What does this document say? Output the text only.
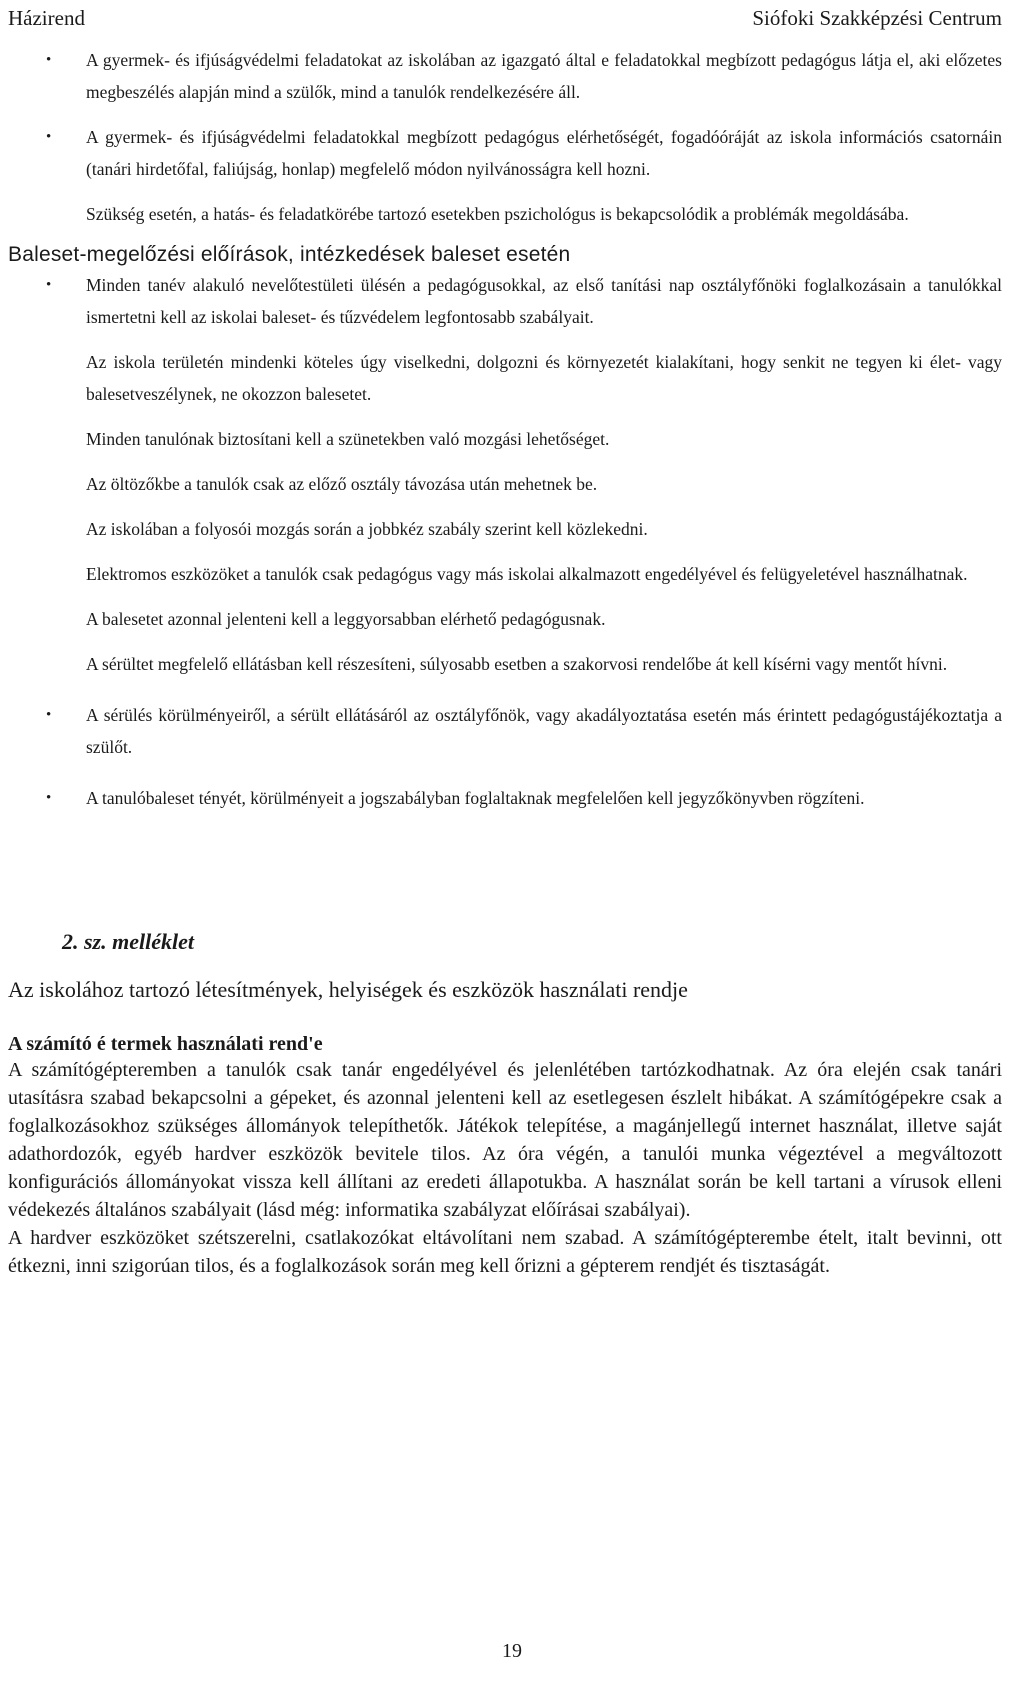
Házirend	Siófoki Szakképzési Centrum

• A gyermek- és ifjúságvédelmi feladatokat az iskolában az igazgató által e feladatokkal megbízott pedagógus látja el, aki előzetes megbeszélés alapján mind a szülők, mind a tanulók rendelkezésére áll.

• A gyermek- és ifjúságvédelmi feladatokkal megbízott pedagógus elérhetőségét, fogadóóráját az iskola információs csatornáin (tanári hirdetőfal, faliújság, honlap) megfelelő módon nyilvánosságra kell hozni.

Szükség esetén, a hatás- és feladatkörébe tartozó esetekben pszichológus is bekapcsolódik a problémák megoldásába.

Baleset-megelőzési előírások, intézkedések baleset esetén

• Minden tanév alakuló nevelőtestületi ülésén a pedagógusokkal, az első tanítási nap osztályfőnöki foglalkozásain a tanulókkal ismertetni kell az iskolai baleset- és tűzvédelem legfontosabb szabályait.

Az iskola területén mindenki köteles úgy viselkedni, dolgozni és környezetét kialakítani, hogy senkit ne tegyen ki élet- vagy balesetveszélynek, ne okozzon balesetet.

Minden tanulónak biztosítani kell a szünetekben való mozgási lehetőséget.

Az öltözőkbe a tanulók csak az előző osztály távozása után mehetnek be.

Az iskolában a folyosói mozgás során a jobbkéz szabály szerint kell közlekedni.

Elektromos eszközöket a tanulók csak pedagógus vagy más iskolai alkalmazott engedélyével és felügyeletével használhatnak.

A balesetet azonnal jelenteni kell a leggyorsabban elérhető pedagógusnak.

A sérültet megfelelő ellátásban kell részesíteni, súlyosabb esetben a szakorvosi rendelőbe át kell kísérni vagy mentőt hívni.

• A sérülés körülményeiről, a sérült ellátásáról az osztályfőnök, vagy akadályoztatása esetén más érintett pedagógustájékoztatja a szülőt.

• A tanulóbaleset tényét, körülményeit a jogszabályban foglaltaknak megfelelően kell jegyzőkönyvben rögzíteni.

2. sz. melléklet
Az iskolához tartozó létesítmények, helyiségek és eszközök használati rendje
A számító é termek használati rend'e

A számítógépteremben a tanulók csak tanár engedélyével és jelenlétében tartózkodhatnak. Az óra elején csak tanári utasításra szabad bekapcsolni a gépeket, és azonnal jelenteni kell az esetlegesen észlelt hibákat. A számítógépekre csak a foglalkozásokhoz szükséges állományok telepíthetők. Játékok telepítése, a magánjellegű internet használat, illetve saját adathordozók, egyéb hardver eszközök bevitele tilos. Az óra végén, a tanulói munka végeztével a megváltozott konfigurációs állományokat vissza kell állítani az eredeti állapotukba. A használat során be kell tartani a vírusok elleni védekezés általános szabályait (lásd még: informatika szabályzat előírásai szabályai).

A hardver eszközöket szétszerelni, csatlakozókat eltávolítani nem szabad. A számítógépterembe ételt, italt bevinni, ott étkezni, inni szigorúan tilos, és a foglalkozások során meg kell őrizni a gépterem rendjét és tisztaságát.

19
